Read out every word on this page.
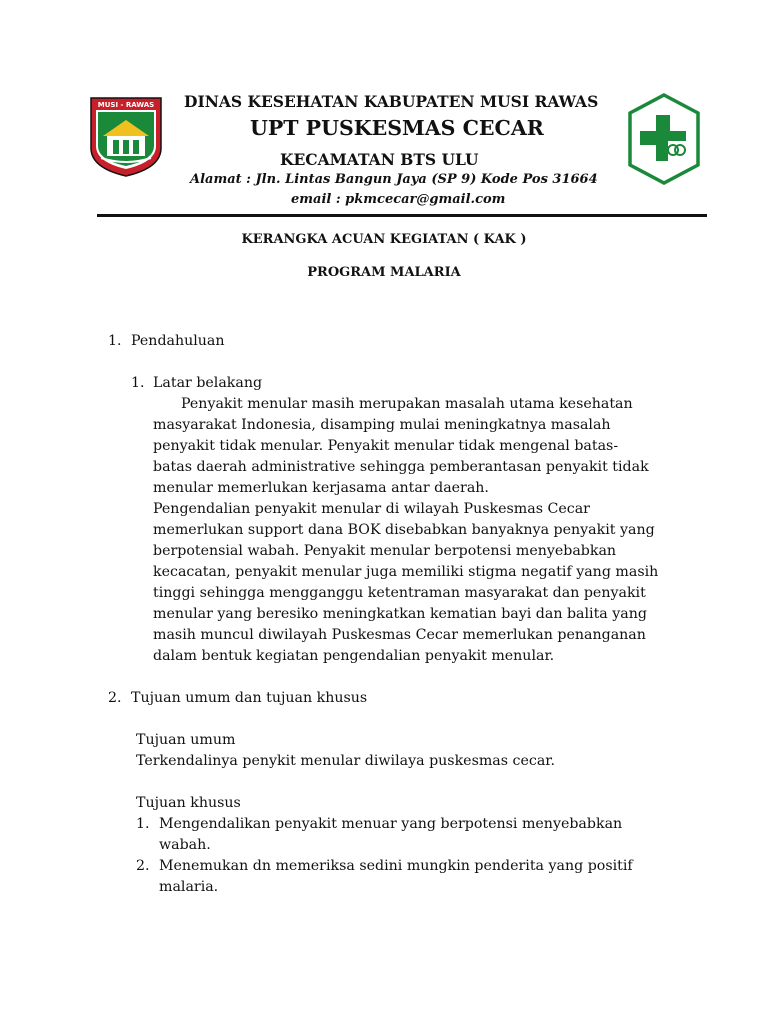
MUSI - RAWAS DINAS KESEHATAN KABUPATEN MUSI RAWAS
UPT PUSKESMAS CECAR
KECAMATAN BTS ULU
Alamat : Jln. Lintas Bangun Jaya (SP 9) Kode Pos 31664
email : pkmcecar@gmail.com
KERANGKA ACUAN KEGIATAN ( KAK )
PROGRAM MALARIA
1. Pendahuluan
1. Latar belakang
Penyakit menular masih merupakan masalah utama kesehatan
masyarakat Indonesia, disamping mulai meningkatnya masalah
penyakit tidak menular. Penyakit menular tidak mengenal batas-
batas daerah administrative sehingga pemberantasan penyakit tidak
menular memerlukan kerjasama antar daerah.
Pengendalian penyakit menular di wilayah Puskesmas Cecar
memerlukan support dana BOK disebabkan banyaknya penyakit yang
berpotensial wabah. Penyakit menular berpotensi menyebabkan
kecacatan, penyakit menular juga memiliki stigma negatif yang masih
tinggi sehingga mengganggu ketentraman masyarakat dan penyakit
menular yang beresiko meningkatkan kematian bayi dan balita yang
masih muncul diwilayah Puskesmas Cecar memerlukan penanganan
dalam bentuk kegiatan pengendalian penyakit menular.
2. Tujuan umum dan tujuan khusus
Tujuan umum
Terkendalinya penykit menular diwilaya puskesmas cecar.
Tujuan khusus
1. Mengendalikan penyakit menuar yang berpotensi menyebabkan
wabah.
2. Menemukan dn memeriksa sedini mungkin penderita yang positif
malaria.
